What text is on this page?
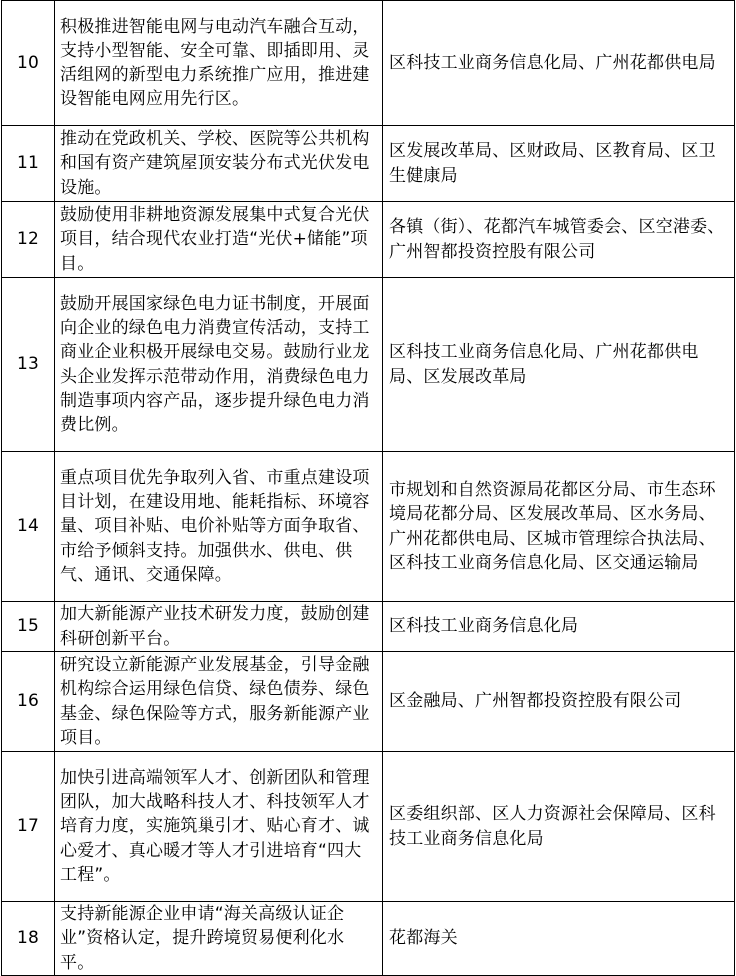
10	积极推进智能电网与电动汽车融合互动，支持小型智能、安全可靠、即插即用、灵活组网的新型电力系统推广应用，推进建设智能电网应用先行区。	区科技工业商务信息化局、广州花都供电局
11	推动在党政机关、学校、医院等公共机构和国有资产建筑屋顶安装分布式光伏发电设施。	区发展改革局、区财政局、区教育局、区卫生健康局
12	鼓励使用非耕地资源发展集中式复合光伏项目，结合现代农业打造“光伏+储能”项目。	各镇（街）、花都汽车城管委会、区空港委、广州智都投资控股有限公司
13	鼓励开展国家绿色电力证书制度，开展面向企业的绿色电力消费宣传活动，支持工商业企业积极开展绿电交易。鼓励行业龙头企业发挥示范带动作用，消费绿色电力制造事项内容产品，逐步提升绿色电力消费比例。	区科技工业商务信息化局、广州花都供电局、区发展改革局
14	重点项目优先争取列入省、市重点建设项目计划，在建设用地、能耗指标、环境容量、项目补贴、电价补贴等方面争取省、市给予倾斜支持。加强供水、供电、供气、通讯、交通保障。	市规划和自然资源局花都区分局、市生态环境局花都分局、区发展改革局、区水务局、广州花都供电局、区城市管理综合执法局、区科技工业商务信息化局、区交通运输局
15	加大新能源产业技术研发力度，鼓励创建科研创新平台。	区科技工业商务信息化局
16	研究设立新能源产业发展基金，引导金融机构综合运用绿色信贷、绿色债券、绿色基金、绿色保险等方式，服务新能源产业项目。	区金融局、广州智都投资控股有限公司
17	加快引进高端领军人才、创新团队和管理团队，加大战略科技人才、科技领军人才培育力度，实施筑巢引才、贴心育才、诚心爱才、真心暖才等人才引进培育“四大工程”。	区委组织部、区人力资源社会保障局、区科技工业商务信息化局
18	支持新能源企业申请“海关高级认证企业”资格认定，提升跨境贸易便利化水平。	花都海关
